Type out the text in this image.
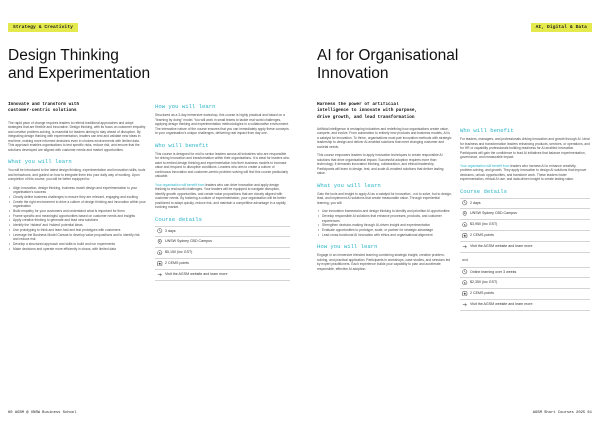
Strategy & Creativity
Design Thinking
and Experimentation
Innovate and transform with
customer-centric solutions

The rapid pace of change requires leaders to rethink traditional approaches and adopt strategies that are flexible and innovative. Design thinking, with its focus on customer empathy and creative problem-solving, is essential for leaders aiming to stay ahead of disruption. By integrating design thinking with experimentation, leaders can test and validate new ideas in real time, making more informed decisions even in choices environments with limited data. This approach enables organisations to test specific risks, reduce risk, and ensure that the solutions developed are aligned with customer needs and market opportunities.

What you will learn

You will be introduced to the latest design thinking, experimentation and innovation skills, tools and behaviours, and guided on how to integrate them into your daily way of working. Upon completion of this course, you will be better equipped to:

• Align innovation, design thinking, business model design and experimentation to your organisation's success
• Clearly define business challenges to ensure they are relevant, engaging and exciting
• Create the right environment to drive a culture of design thinking and innovation within your organisation
• Build empathy for your customers and understand what is important for them
• Frame specific and meaningful opportunities based on customer needs and insights
• Apply creative thinking to generate and lead new solutions
• Identify the 'riskiest' and 'riskiest' potential ideas
• Use prototyping to think and learn fast and test prototypes with customers
• Leverage the Business Model Canvas to develop value propositions and to identify risk and reduce risk
• Develop a structured approach and skills to build and run experiments
• Make decisions and operate more efficiently in chaos, with limited data
How you will learn

Structured as a 3-day immersive workshop, this course is highly practical and based on a "learning by doing" model. You will work in small teams to tackle real world challenges, applying design thinking and experimentation methodologies in a collaborative environment. The interactive nature of the course ensures that you can immediately apply these concepts to your organisation's unique challenges, delivering real impact from day one.

Who will benefit

This course is designed for mid to senior leaders across all industries who are responsible for driving innovation and transformation within their organisations. It is ideal for leaders who want to embed design thinking and experimentation into their business models to increase value and respond to disruptive conditions. Leaders who aim to create a culture of continuous innovation and customer-centric problem solving will find this course particularly valuable.

Your organisation will benefit from leaders who can drive innovation and apply design thinking to real-world challenges. Your leaders will be equipped to navigate disruption, identify growth opportunities, and create value propositions that are closely aligned with customer needs. By fostering a culture of experimentation, your organisation will be better positioned to adapt quickly, reduce risk, and maintain a competitive advantage in a rapidly evolving market.

Course details
3 days
UNSW Sydney CBD Campus
$ $5,150 (inc GST)
2 CEMS points
Visit the AGSM website and learn more
60 AGSM @ UNSW Business School
AI, Digital & Data
AI for Organisational
Innovation
Harness the power of artificial
intelligence to innovate with purpose,
drive growth, and lead transformation

Artificial intelligence is reshaping industries and redefining how organisations create value, compete, and evolve. From automation to entirely new products and business models, AI is a catalyst for innovation. To thrive, organisations must pair innovation methods with strategic leadership to design and deliver AI-enabled solutions that meet changing customer and societal needs.

This course empowers leaders to apply innovation techniques to create responsible AI solutions that drive organisational impact. Successful adoption requires more than technology; it demands innovation thinking, collaboration, and ethical leadership. Participants will learn to design, test, and scale AI-enabled solutions that deliver lasting value.

What you will learn

Gain the tools and insight to apply AI as a catalyst for innovation - not to solve, but to design, lead, and implement AI solutions that create measurable value. Through experiential learning, you will:

• Use innovation frameworks and design thinking to identify and prioritise AI opportunities
• Develop responsible AI solutions that enhance processes, products, and customer experiences
• Strengthen decision-making through AI-driven insight and experimentation
• Evaluate opportunities to prototype, scale, or partner for strategic advantage
• Lead cross-functional AI innovation with ethics and organisational alignment
How you will learn

Engage in an immersive blended learning combining strategic insight, creative problem-solving, and practical application. Participants in workshops, case studies, and sessions led by expert practitioners. Each experience builds your capability to plan and accelerate responsible, effective AI adoption.

Who will benefit

For leaders, managers, and professionals driving innovation and growth through AI. Ideal for business and transformation leaders enhancing products, services, or operations, and for HR or capability professionals building readiness for AI-enabled innovation. Participants will gain the confidence to lead AI initiatives that balance experimentation, governance, and measurable impact.

Your organisation will benefit from leaders who harness AI to enhance creativity, problem-solving, and growth. They apply innovation to design AI solutions that improve decisions, unlock opportunities, and transform work. These leaders foster experimentation, ethical AI use, and data-driven insight to create lasting value.

Course details
2 days
UNSW Sydney CBD Campus
$ $3,950 (inc GST)
2 CEMS points
Visit the AGSM website and learn more
and
Online learning over 3 weeks
$ $2,350 (inc GST)
2 CEMS points
Visit the AGSM website and learn more
AGSM Short Courses 2025 61
